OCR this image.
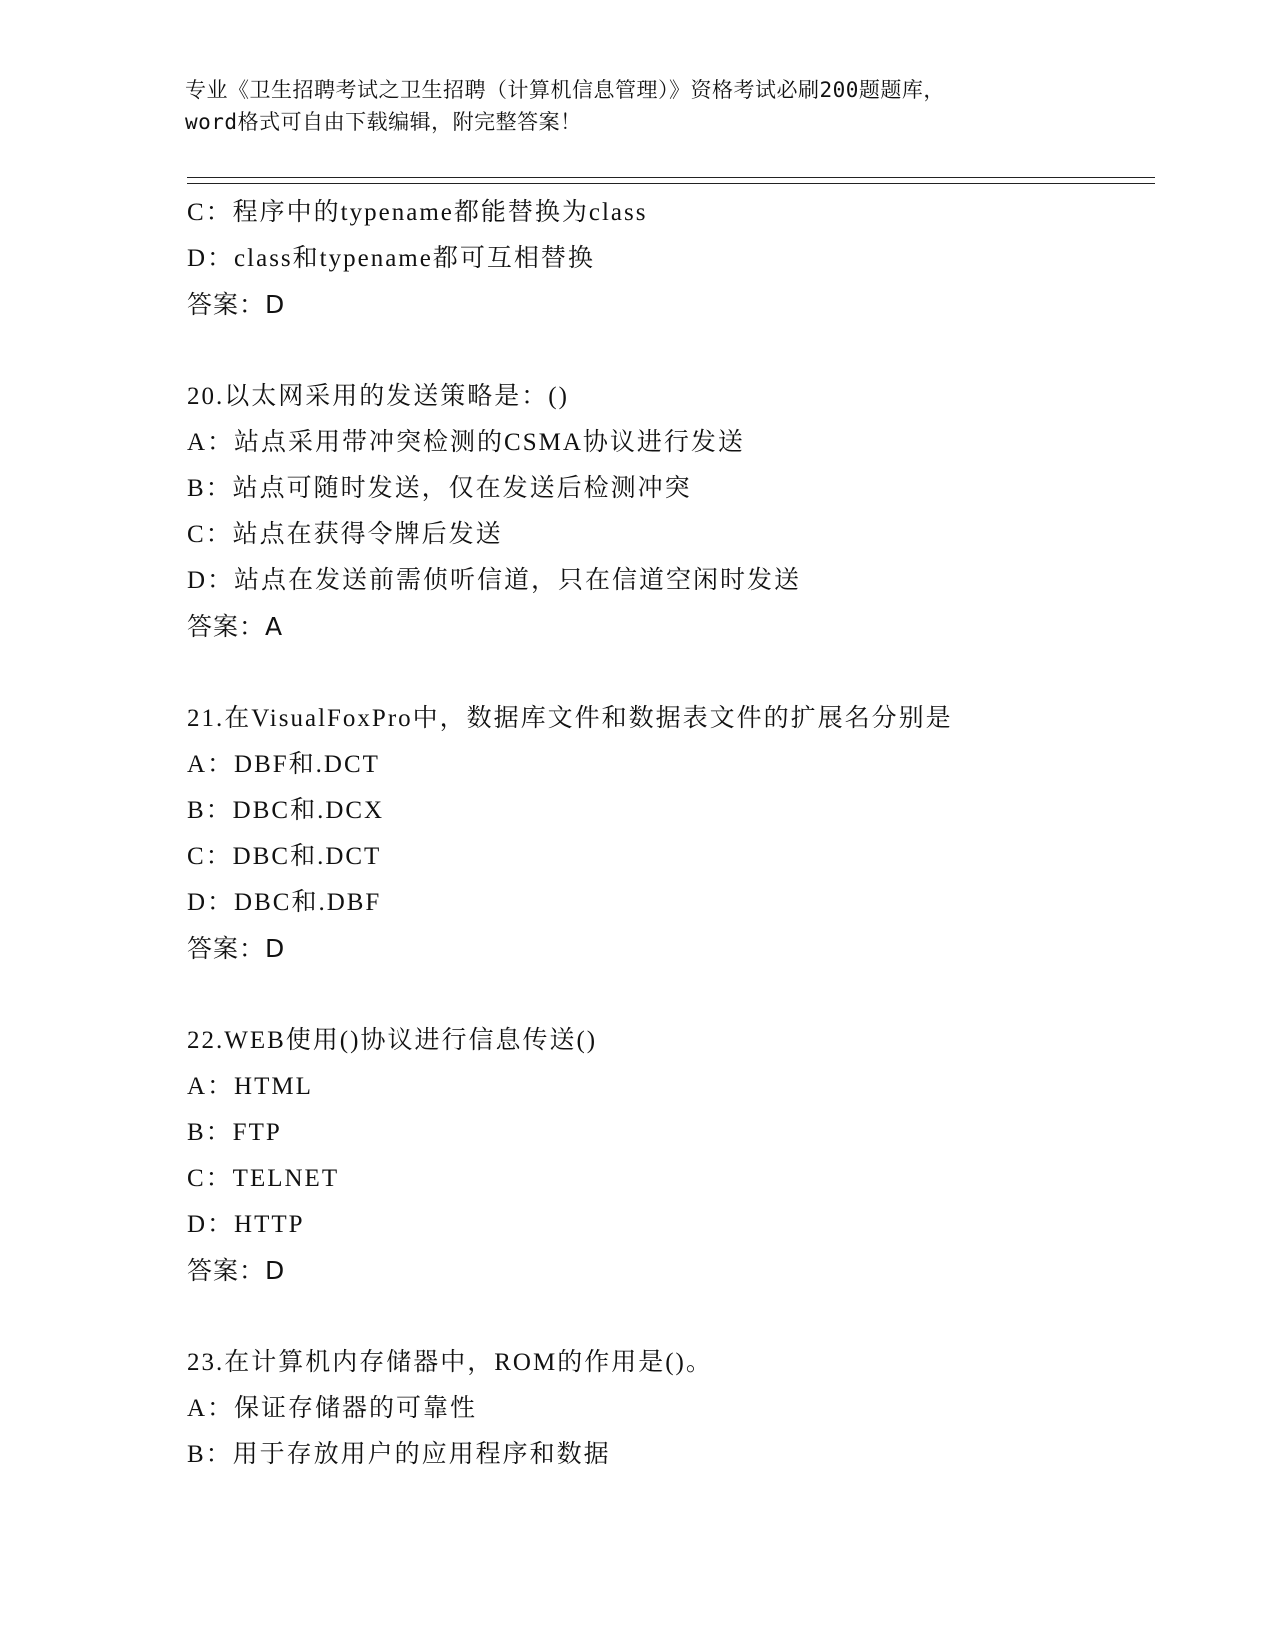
专业《卫生招聘考试之卫生招聘（计算机信息管理）》资格考试必刷200题题库，
word格式可自由下载编辑，附完整答案！
C：程序中的typename都能替换为class
D：class和typename都可互相替换
答案：D
20.以太网采用的发送策略是：()
A：站点采用带冲突检测的CSMA协议进行发送
B：站点可随时发送，仅在发送后检测冲突
C：站点在获得令牌后发送
D：站点在发送前需侦听信道，只在信道空闲时发送
答案：A
21.在VisualFoxPro中，数据库文件和数据表文件的扩展名分别是
A：DBF和.DCT
B：DBC和.DCX
C：DBC和.DCT
D：DBC和.DBF
答案：D
22.WEB使用()协议进行信息传送()
A：HTML
B：FTP
C：TELNET
D：HTTP
答案：D
23.在计算机内存储器中，ROM的作用是()。
A：保证存储器的可靠性
B：用于存放用户的应用程序和数据
